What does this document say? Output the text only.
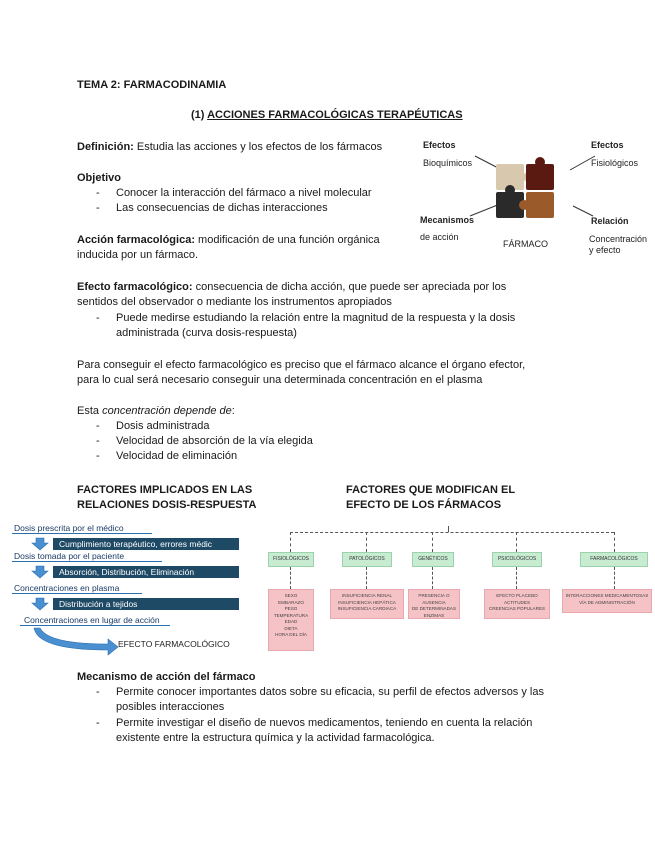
TEMA 2: FARMACODINAMIA
(1) ACCIONES FARMACOLÓGICAS TERAPÉUTICAS
Definición: Estudia las acciones y los efectos de los fármacos
Objetivo
- Conocer la interacción del fármaco a nivel molecular
- Las consecuencias de dichas interacciones
Acción farmacológica: modificación de una función orgánica
inducida por un fármaco.
Efectos
Bioquímicos
Efectos
Fisiológicos
Mecanismos
de acción
Relación
Concentración
y efecto
FÁRMACO
Efecto farmacológico: consecuencia de dicha acción, que puede ser apreciada por los
sentidos del observador o mediante los instrumentos apropiados
- Puede medirse estudiando la relación entre la magnitud de la respuesta y la dosis
administrada (curva dosis-respuesta)
Para conseguir el efecto farmacológico es preciso que el fármaco alcance el órgano efector,
para lo cual será necesario conseguir una determinada concentración en el plasma
Esta concentración depende de:
- Dosis administrada
- Velocidad de absorción de la vía elegida
- Velocidad de eliminación
FACTORES IMPLICADOS EN LAS
RELACIONES DOSIS-RESPUESTA
FACTORES QUE MODIFICAN EL
EFECTO DE LOS FÁRMACOS
Dosis prescrita por el médico
Cumplimiento terapéutico, errores médic
Dosis tomada por el paciente
Absorción, Distribución, Eliminación
Concentraciones en plasma
Distribución a tejidos
Concentraciones en lugar de acción
EFECTO FARMACOLÓGICO
FISIOLÓGICOS	PATOLÓGICOS	GENÉTICOS	PSICOLÓGICOS	FARMACOLÓGICOS
SEXO
EMBARAZO
PESO
TEMPERATURA
EDAD
DIETA
HORA DEL DÍA
INSUFICIENCIA RENAL
INSUFICIENCIA HEPÁTICA
INSUFICIENCIA CARDIACA
PRESENCIA O AUSENCIA
DE DETERMINADAS
ENZIMAS
EFECTO PLACEBO
ACTITUDES
CREENCIAS POPULARES
INTERACCIONES MEDICAMENTOSAS
VÍA DE ADMINISTRACIÓN
Mecanismo de acción del fármaco
- Permite conocer importantes datos sobre su eficacia, su perfil de efectos adversos y las
posibles interacciones
- Permite investigar el diseño de nuevos medicamentos, teniendo en cuenta la relación
existente entre la estructura química y la actividad farmacológica.
